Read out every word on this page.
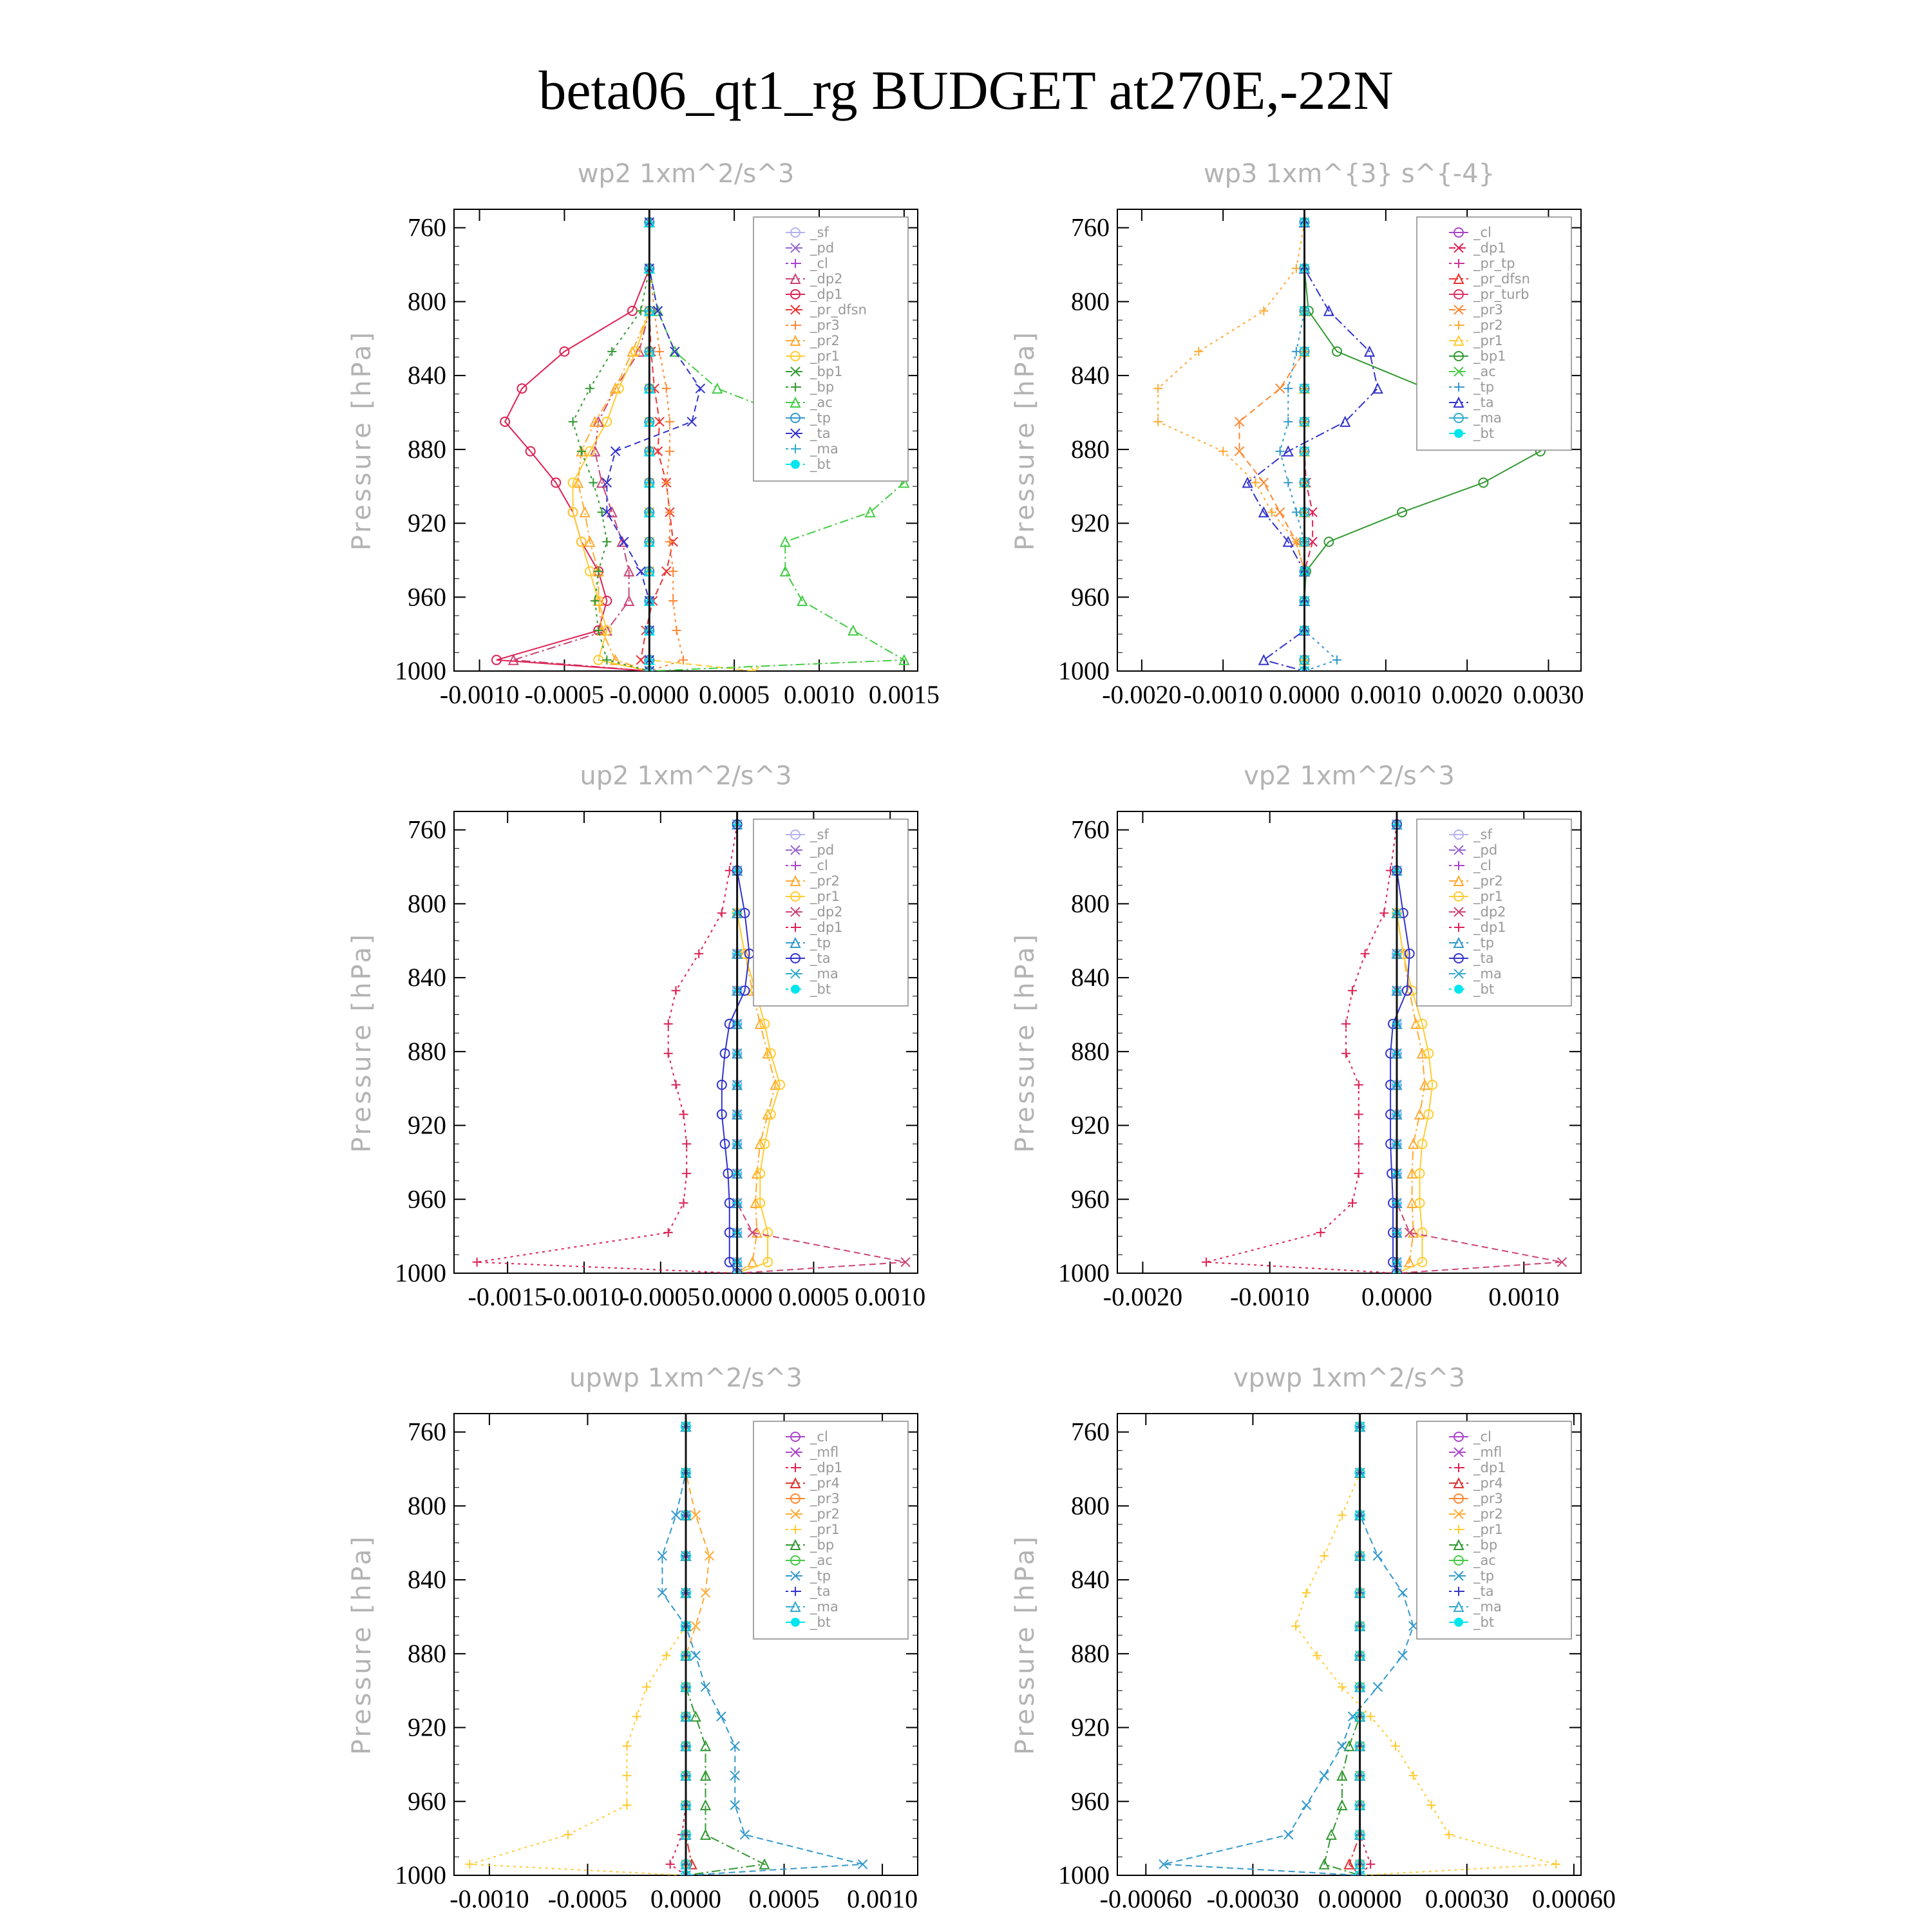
beta06_qt1_rg BUDGET at270E,-22N
760
800
840
880
920
960
1000
-0.0010 -0.0005 -0.0000 0.0005 0.0010 0.0015
wp2 1xm^2/s^3
Pressure [hPa]
_sf
_pd
_cl
_dp2
_dp1
_pr_dfsn
_pr3
_pr2
_pr1
_bp1
_bp
_ac
_tp
_ta
_ma
_bt
760
800
840
880
920
960
1000
-0.0020 -0.0010 0.0000 0.0010 0.0020 0.0030
wp3 1xm^{3} s^{-4}
Pressure [hPa]
_cl
_dp1
_pr_tp
_pr_dfsn
_pr_turb
_pr3
_pr2
_pr1
_bp1
_ac
_tp
_ta
_ma
_bt
760
800
840
880
920
960
1000
-0.0015
-0.0010
-0.0005 0.0000 0.0005 0.0010
up2 1xm^2/s^3
Pressure [hPa]
_sf
_pd
_cl
_pr2
_pr1
_dp2
_dp1
_tp
_ta
_ma
_bt
760
800
840
880
920
960
1000
-0.0020 -0.0010 0.0000 0.0010
vp2 1xm^2/s^3
Pressure [hPa]
_sf
_pd
_cl
_pr2
_pr1
_dp2
_dp1
_tp
_ta
_ma
_bt
760
800
840
880
920
960
1000
-0.0010 -0.0005 0.0000 0.0005 0.0010
upwp 1xm^2/s^3
Pressure [hPa]
_cl
_mfl
_dp1
_pr4
_pr3
_pr2
_pr1
_bp
_ac
_tp
_ta
_ma
_bt
760
800
840
880
920
960
1000
-0.00060 -0.00030 0.00000 0.00030 0.00060
vpwp 1xm^2/s^3
Pressure [hPa]
_cl
_mfl
_dp1
_pr4
_pr3
_pr2
_pr1
_bp
_ac
_tp
_ta
_ma
_bt
